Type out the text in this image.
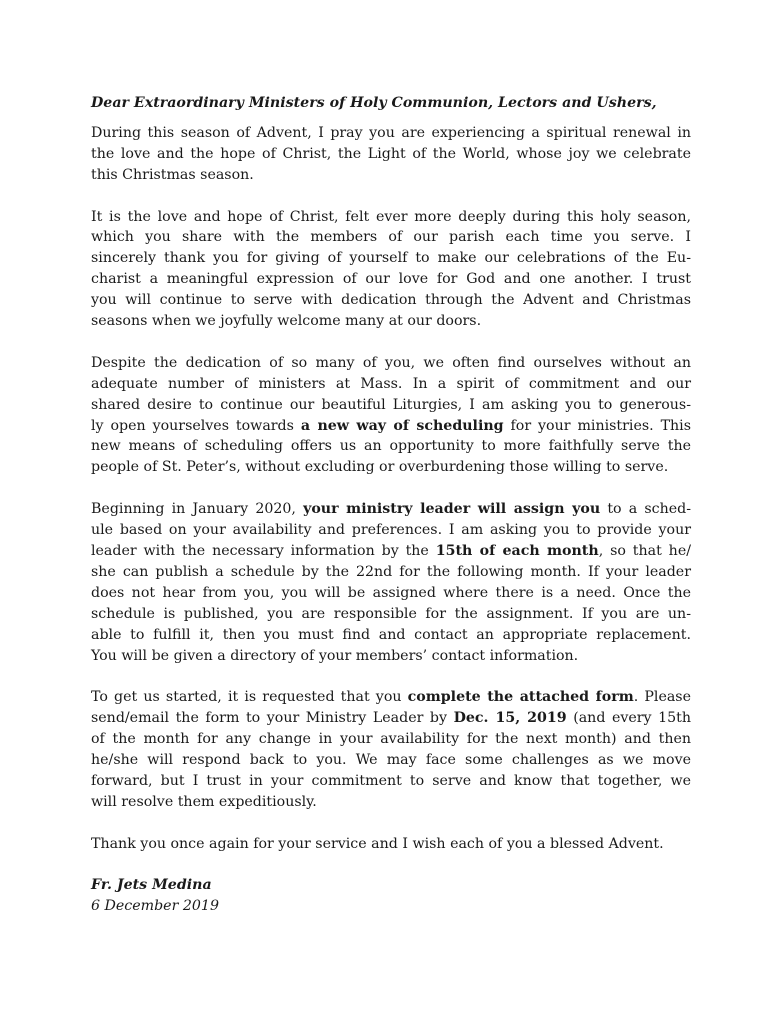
Dear Extraordinary Ministers of Holy Communion, Lectors and Ushers,
During this season of Advent, I pray you are experiencing a spiritual renewal in
the love and the hope of Christ, the Light of the World, whose joy we celebrate
this Christmas season.
It is the love and hope of Christ, felt ever more deeply during this holy season,
which you share with the members of our parish each time you serve. I
sincerely thank you for giving of yourself to make our celebrations of the Eu-
charist a meaningful expression of our love for God and one another. I trust
you will continue to serve with dedication through the Advent and Christmas
seasons when we joyfully welcome many at our doors.
Despite the dedication of so many of you, we often find ourselves without an
adequate number of ministers at Mass. In a spirit of commitment and our
shared desire to continue our beautiful Liturgies, I am asking you to generous-
ly open yourselves towards a new way of scheduling for your ministries. This
new means of scheduling offers us an opportunity to more faithfully serve the
people of St. Peter’s, without excluding or overburdening those willing to serve.
Beginning in January 2020, your ministry leader will assign you to a sched-
ule based on your availability and preferences. I am asking you to provide your
leader with the necessary information by the 15th of each month, so that he/
she can publish a schedule by the 22nd for the following month. If your leader
does not hear from you, you will be assigned where there is a need. Once the
schedule is published, you are responsible for the assignment. If you are un-
able to fulfill it, then you must find and contact an appropriate replacement.
You will be given a directory of your members’ contact information.
To get us started, it is requested that you complete the attached form. Please
send/email the form to your Ministry Leader by Dec. 15, 2019 (and every 15th
of the month for any change in your availability for the next month) and then
he/she will respond back to you. We may face some challenges as we move
forward, but I trust in your commitment to serve and know that together, we
will resolve them expeditiously.
Thank you once again for your service and I wish each of you a blessed Advent.
Fr. Jets Medina
6 December 2019
